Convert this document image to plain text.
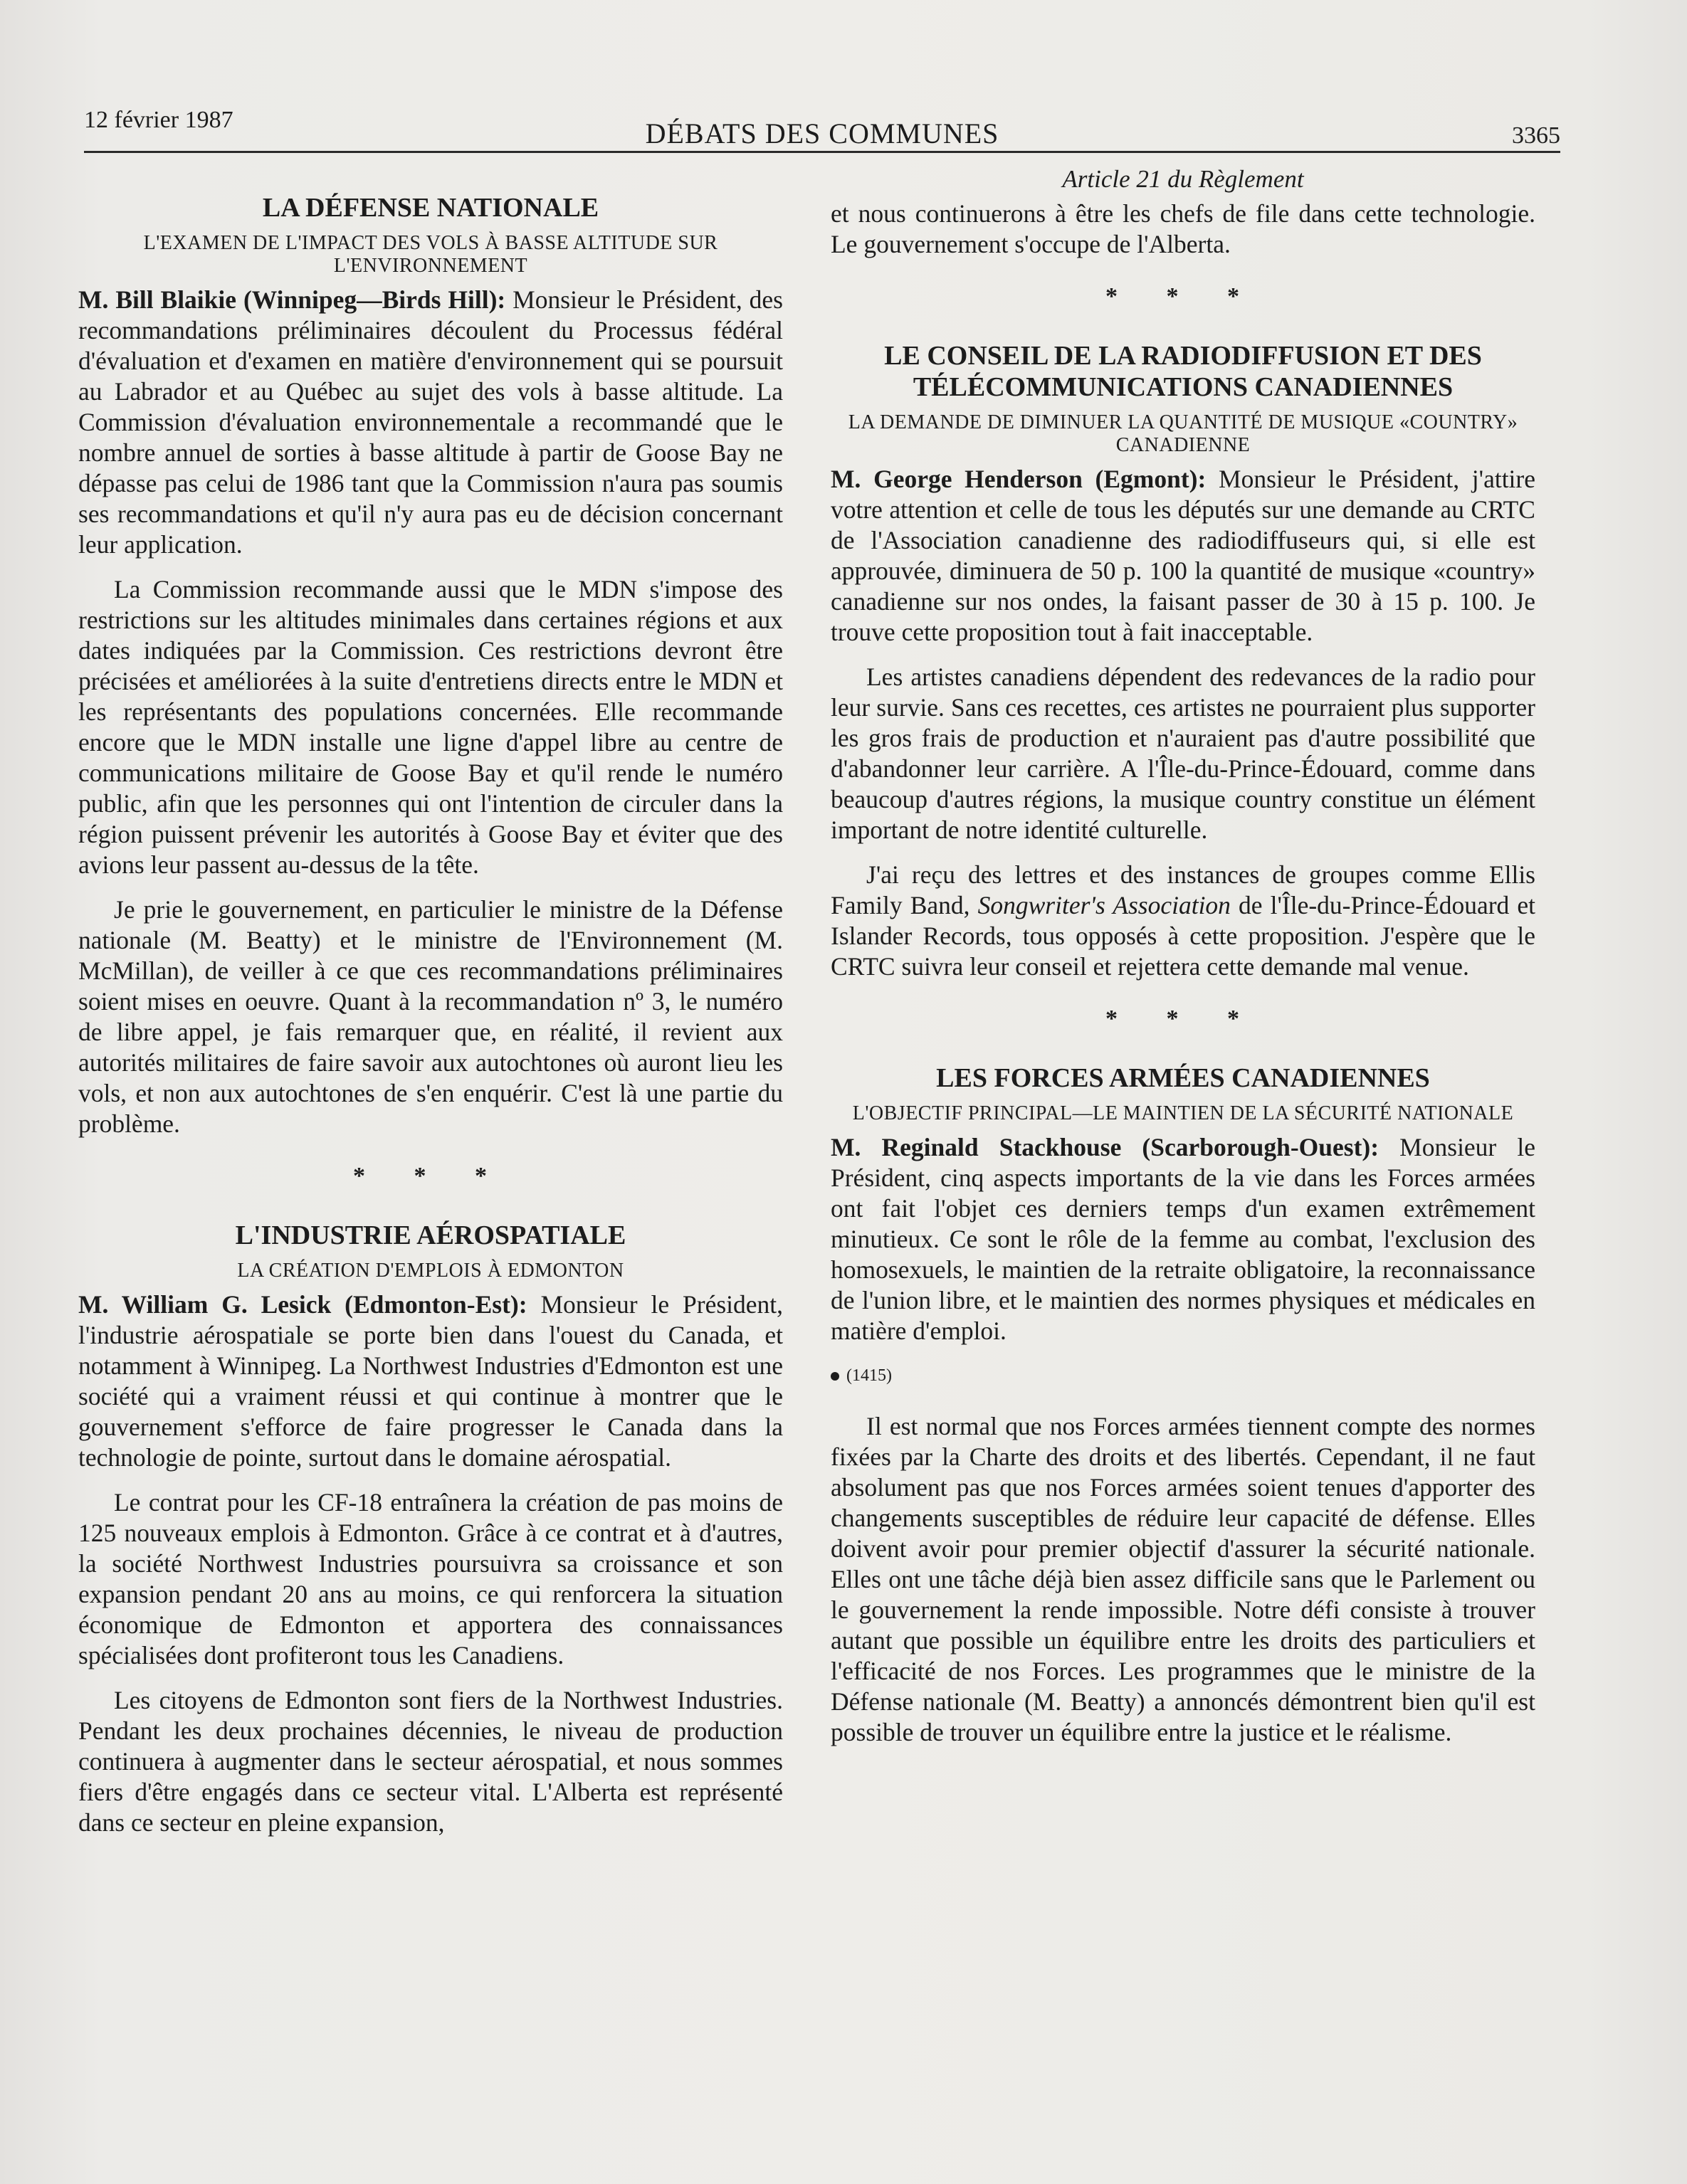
12 février 1987	DÉBATS DES COMMUNES	3365
LA DÉFENSE NATIONALE
L'EXAMEN DE L'IMPACT DES VOLS À BASSE ALTITUDE SUR L'ENVIRONNEMENT

M. Bill Blaikie (Winnipeg—Birds Hill): Monsieur le Président, des recommandations préliminaires découlent du Processus fédéral d'évaluation et d'examen en matière d'environnement qui se poursuit au Labrador et au Québec au sujet des vols à basse altitude. La Commission d'évaluation environnementale a recommandé que le nombre annuel de sorties à basse altitude à partir de Goose Bay ne dépasse pas celui de 1986 tant que la Commission n'aura pas soumis ses recommandations et qu'il n'y aura pas eu de décision concernant leur application.

La Commission recommande aussi que le MDN s'impose des restrictions sur les altitudes minimales dans certaines régions et aux dates indiquées par la Commission. Ces restrictions devront être précisées et améliorées à la suite d'entretiens directs entre le MDN et les représentants des populations concernées. Elle recommande encore que le MDN installe une ligne d'appel libre au centre de communications militaire de Goose Bay et qu'il rende le numéro public, afin que les personnes qui ont l'intention de circuler dans la région puissent prévenir les autorités à Goose Bay et éviter que des avions leur passent au-dessus de la tête.

Je prie le gouvernement, en particulier le ministre de la Défense nationale (M. Beatty) et le ministre de l'Environnement (M. McMillan), de veiller à ce que ces recommandations préliminaires soient mises en oeuvre. Quant à la recommandation nº 3, le numéro de libre appel, je fais remarquer que, en réalité, il revient aux autorités militaires de faire savoir aux autochtones où auront lieu les vols, et non aux autochtones de s'en enquérir. C'est là une partie du problème.

* * *
L'INDUSTRIE AÉROSPATIALE
LA CRÉATION D'EMPLOIS À EDMONTON

M. William G. Lesick (Edmonton-Est): Monsieur le Président, l'industrie aérospatiale se porte bien dans l'ouest du Canada, et notamment à Winnipeg. La Northwest Industries d'Edmonton est une société qui a vraiment réussi et qui continue à montrer que le gouvernement s'efforce de faire progresser le Canada dans la technologie de pointe, surtout dans le domaine aérospatial.

Le contrat pour les CF-18 entraînera la création de pas moins de 125 nouveaux emplois à Edmonton. Grâce à ce contrat et à d'autres, la société Northwest Industries poursuivra sa croissance et son expansion pendant 20 ans au moins, ce qui renforcera la situation économique de Edmonton et apportera des connaissances spécialisées dont profiteront tous les Canadiens.

Les citoyens de Edmonton sont fiers de la Northwest Industries. Pendant les deux prochaines décennies, le niveau de production continuera à augmenter dans le secteur aérospatial, et nous sommes fiers d'être engagés dans ce secteur vital. L'Alberta est représenté dans ce secteur en pleine expansion,

Article 21 du Règlement

et nous continuerons à être les chefs de file dans cette technologie. Le gouvernement s'occupe de l'Alberta.

* * *
LE CONSEIL DE LA RADIODIFFUSION ET DES TÉLÉCOMMUNICATIONS CANADIENNES
LA DEMANDE DE DIMINUER LA QUANTITÉ DE MUSIQUE «COUNTRY» CANADIENNE

M. George Henderson (Egmont): Monsieur le Président, j'attire votre attention et celle de tous les députés sur une demande au CRTC de l'Association canadienne des radiodiffuseurs qui, si elle est approuvée, diminuera de 50 p. 100 la quantité de musique «country» canadienne sur nos ondes, la faisant passer de 30 à 15 p. 100. Je trouve cette proposition tout à fait inacceptable.

Les artistes canadiens dépendent des redevances de la radio pour leur survie. Sans ces recettes, ces artistes ne pourraient plus supporter les gros frais de production et n'auraient pas d'autre possibilité que d'abandonner leur carrière. A l'Île-du-Prince-Édouard, comme dans beaucoup d'autres régions, la musique country constitue un élément important de notre identité culturelle.

J'ai reçu des lettres et des instances de groupes comme Ellis Family Band, Songwriter's Association de l'Île-du-Prince-Édouard et Islander Records, tous opposés à cette proposition. J'espère que le CRTC suivra leur conseil et rejettera cette demande mal venue.

* * *
LES FORCES ARMÉES CANADIENNES
L'OBJECTIF PRINCIPAL—LE MAINTIEN DE LA SÉCURITÉ NATIONALE

M. Reginald Stackhouse (Scarborough-Ouest): Monsieur le Président, cinq aspects importants de la vie dans les Forces armées ont fait l'objet ces derniers temps d'un examen extrêmement minutieux. Ce sont le rôle de la femme au combat, l'exclusion des homosexuels, le maintien de la retraite obligatoire, la reconnaissance de l'union libre, et le maintien des normes physiques et médicales en matière d'emploi.

(1415)

Il est normal que nos Forces armées tiennent compte des normes fixées par la Charte des droits et des libertés. Cependant, il ne faut absolument pas que nos Forces armées soient tenues d'apporter des changements susceptibles de réduire leur capacité de défense. Elles doivent avoir pour premier objectif d'assurer la sécurité nationale. Elles ont une tâche déjà bien assez difficile sans que le Parlement ou le gouvernement la rende impossible. Notre défi consiste à trouver autant que possible un équilibre entre les droits des particuliers et l'efficacité de nos Forces. Les programmes que le ministre de la Défense nationale (M. Beatty) a annoncés démontrent bien qu'il est possible de trouver un équilibre entre la justice et le réalisme.
